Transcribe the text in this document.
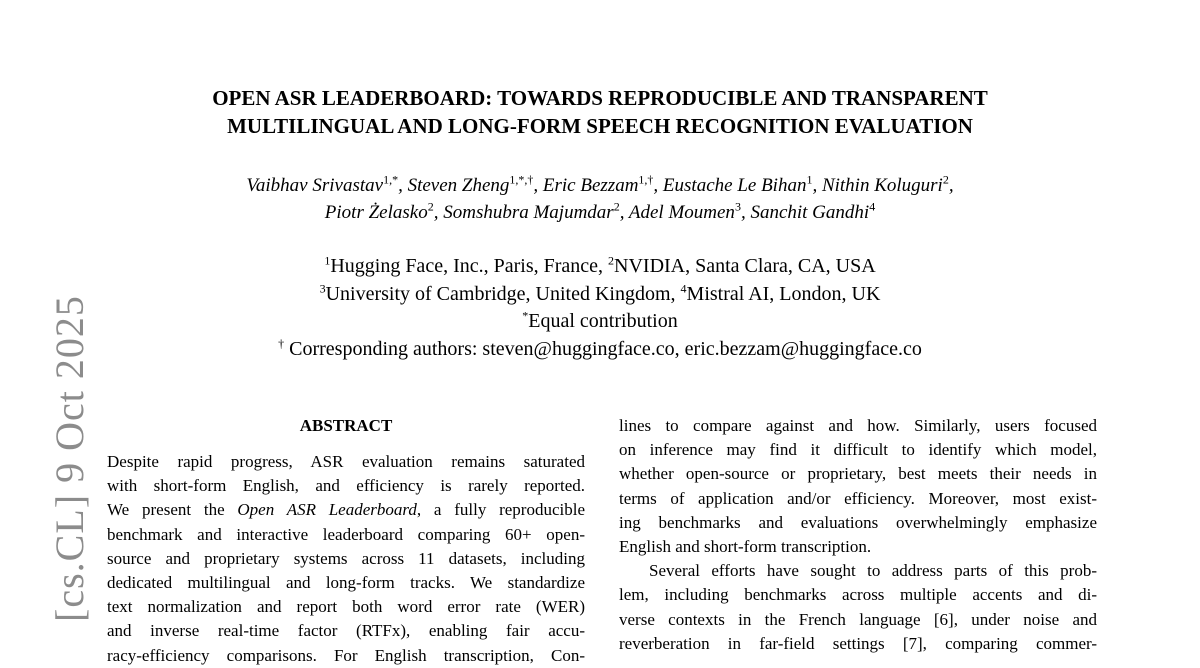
[cs.CL] 9 Oct 2025
OPEN ASR LEADERBOARD: TOWARDS REPRODUCIBLE AND TRANSPARENT
MULTILINGUAL AND LONG-FORM SPEECH RECOGNITION EVALUATION
Vaibhav Srivastav$^{1,*}$, Steven Zheng$^{1,*,\dagger}$, Eric Bezzam$^{1,\dagger}$, Eustache Le Bihan$^1$, Nithin Koluguri$^2$,
Piotr Żelasko$^2$, Somshubra Majumdar$^2$, Adel Moumen$^3$, Sanchit Gandhi$^4$
$^1$Hugging Face, Inc., Paris, France, $^2$NVIDIA, Santa Clara, CA, USA
$^3$University of Cambridge, United Kingdom, $^4$Mistral AI, London, UK
*Equal contribution
† Corresponding authors: steven@huggingface.co, eric.bezzam@huggingface.co
ABSTRACT
Despite rapid progress, ASR evaluation remains saturated
with short-form English, and efficiency is rarely reported.
We present the Open ASR Leaderboard, a fully reproducible
benchmark and interactive leaderboard comparing 60+ open-
source and proprietary systems across 11 datasets, including
dedicated multilingual and long-form tracks. We standardize
text normalization and report both word error rate (WER)
and inverse real-time factor (RTFx), enabling fair accu-
racy-efficiency comparisons. For English transcription, Con-
lines to compare against and how. Similarly, users focused
on inference may find it difficult to identify which model,
whether open-source or proprietary, best meets their needs in
terms of application and/or efficiency. Moreover, most exist-
ing benchmarks and evaluations overwhelmingly emphasize
English and short-form transcription.
Several efforts have sought to address parts of this prob-
lem, including benchmarks across multiple accents and di-
verse contexts in the French language [6], under noise and
reverberation in far-field settings [7], comparing commer-
